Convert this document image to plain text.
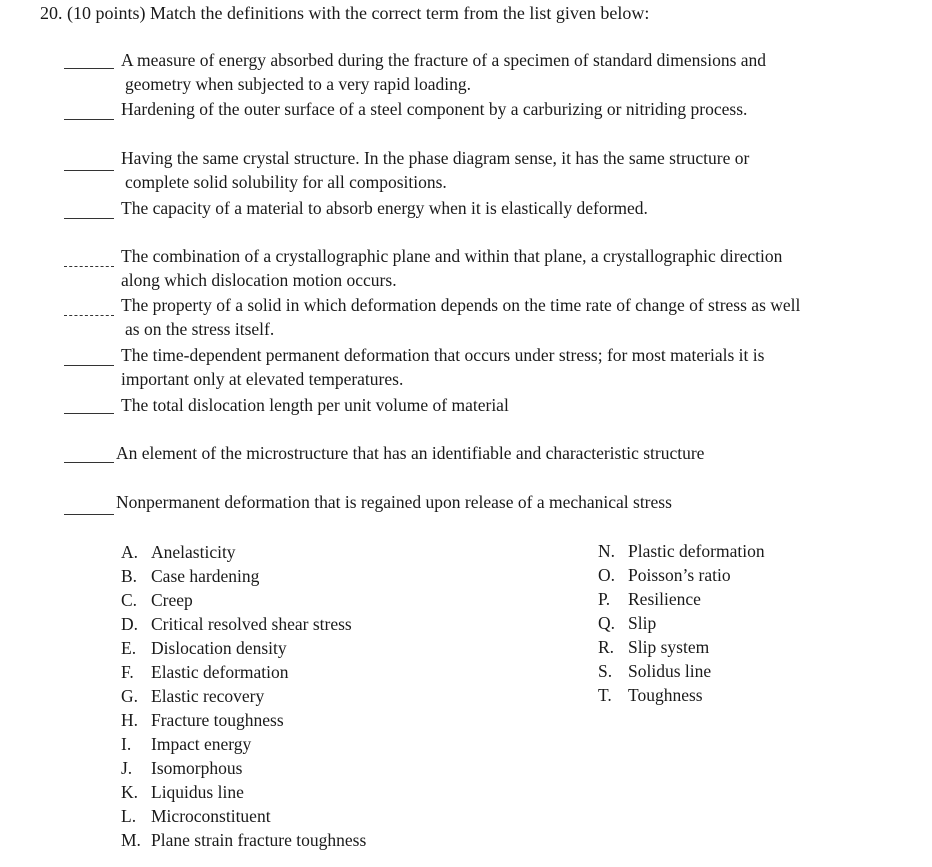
20. (10 points) Match the definitions with the correct term from the list given below:
A measure of energy absorbed during the fracture of a specimen of standard dimensions and
geometry when subjected to a very rapid loading.
Hardening of the outer surface of a steel component by a carburizing or nitriding process.
Having the same crystal structure. In the phase diagram sense, it has the same structure or
complete solid solubility for all compositions.
The capacity of a material to absorb energy when it is elastically deformed.
The combination of a crystallographic plane and within that plane, a crystallographic direction
along which dislocation motion occurs.
The property of a solid in which deformation depends on the time rate of change of stress as well
as on the stress itself.
The time-dependent permanent deformation that occurs under stress; for most materials it is
important only at elevated temperatures.
The total dislocation length per unit volume of material
An element of the microstructure that has an identifiable and characteristic structure
Nonpermanent deformation that is regained upon release of a mechanical stress
A. Anelasticity
B. Case hardening
C. Creep
D. Critical resolved shear stress
E. Dislocation density
F. Elastic deformation
G. Elastic recovery
H. Fracture toughness
I. Impact energy
J. Isomorphous
K. Liquidus line
L. Microconstituent
M. Plane strain fracture toughness
N. Plastic deformation
O. Poisson’s ratio
P. Resilience
Q. Slip
R. Slip system
S. Solidus line
T. Toughness
